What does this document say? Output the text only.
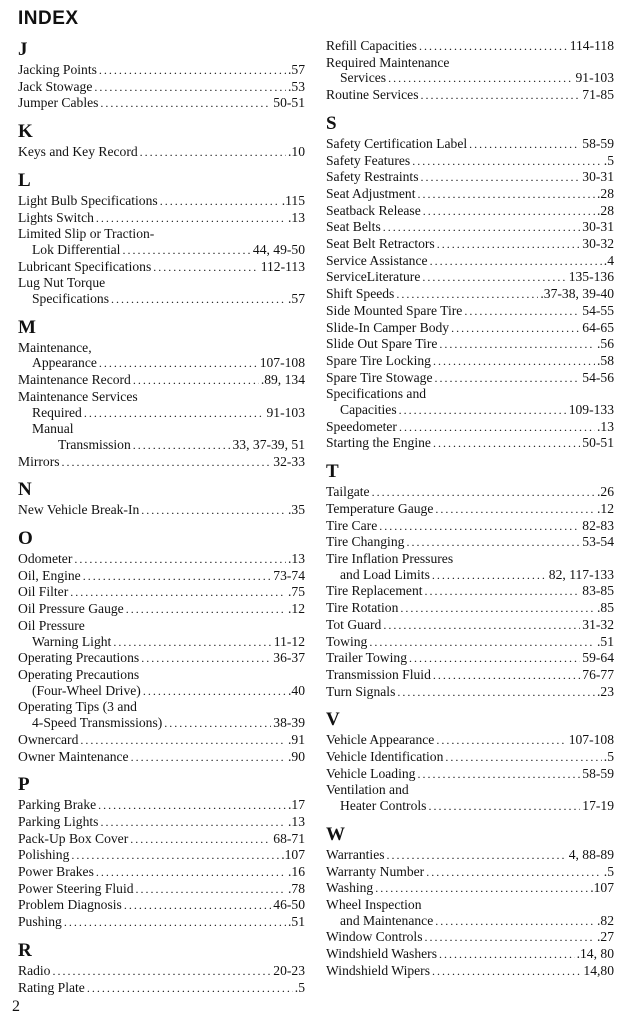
INDEX
J
Jacking Points .....	.57
Jack Stowage .....	.53
Jumper Cables .....	50-51
K
Keys and Key Record .....	.10
L
Light Bulb Specifications .....	.115
Lights Switch .....	.13
Limited Slip or Traction-
Lok Differential .....	44, 49-50
Lubricant Specifications .....	112-113
Lug Nut Torque
Specifications .....	.57
M
Maintenance,
Appearance .....	107-108
Maintenance Record .....	.89, 134
Maintenance Services
Required .....	91-103
Manual
Transmission .....	33, 37-39, 51
Mirrors .....	32-33
N
New Vehicle Break-In .....	.35
O
Odometer .....	.13
Oil, Engine .....	73-74
Oil Filter .....	.75
Oil Pressure Gauge .....	.12
Oil Pressure
Warning Light .....	11-12
Operating Precautions .....	36-37
Operating Precautions
(Four-Wheel Drive) .....	.40
Operating Tips (3 and
4-Speed Transmissions) .....	38-39
Ownercard .....	.91
Owner Maintenance .....	.90
P
Parking Brake .....	.17
Parking Lights .....	.13
Pack-Up Box Cover .....	68-71
Polishing .....	.107
Power Brakes .....	.16
Power Steering Fluid .....	.78
Problem Diagnosis .....	46-50
Pushing .....	.51
R
Radio .....	20-23
Rating Plate .....	.5
Refill Capacities .....	114-118
Required Maintenance
Services .....	91-103
Routine Services .....	71-85
S
Safety Certification Label .....	58-59
Safety Features .....	.5
Safety Restraints .....	30-31
Seat Adjustment .....	.28
Seatback Release .....	.28
Seat Belts .....	30-31
Seat Belt Retractors .....	30-32
Service Assistance .....	.4
ServiceLiterature .....	135-136
Shift Speeds .....	.37-38, 39-40
Side Mounted Spare Tire .....	54-55
Slide-In Camper Body .....	64-65
Slide Out Spare Tire .....	.56
Spare Tire Locking .....	.58
Spare Tire Stowage .....	54-56
Specifications and
Capacities .....	109-133
Speedometer .....	.13
Starting the Engine .....	50-51
T
Tailgate .....	.26
Temperature Gauge .....	.12
Tire Care .....	82-83
Tire Changing .....	53-54
Tire Inflation Pressures
and Load Limits .....	82, 117-133
Tire Replacement .....	83-85
Tire Rotation .....	.85
Tot Guard .....	31-32
Towing .....	.51
Trailer Towing .....	59-64
Transmission Fluid .....	76-77
Turn Signals .....	.23
V
Vehicle Appearance .....	107-108
Vehicle Identification .....	.5
Vehicle Loading .....	58-59
Ventilation and
Heater Controls .....	17-19
W
Warranties .....	4, 88-89
Warranty Number .....	.5
Washing .....	.107
Wheel Inspection
and Maintenance .....	.82
Window Controls .....	.27
Windshield Washers .....	.14, 80
Windshield Wipers .....	14,80
2
